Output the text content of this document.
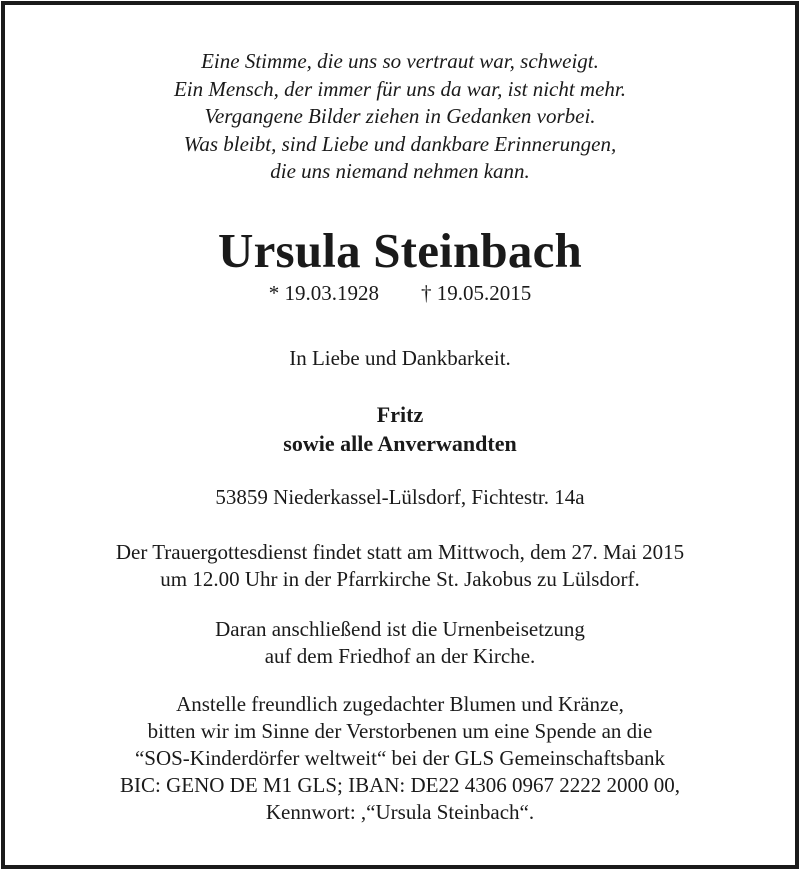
Eine Stimme, die uns so vertraut war, schweigt.
Ein Mensch, der immer für uns da war, ist nicht mehr.
Vergangene Bilder ziehen in Gedanken vorbei.
Was bleibt, sind Liebe und dankbare Erinnerungen,
die uns niemand nehmen kann.
Ursula Steinbach
* 19.03.1928 † 19.05.2015
In Liebe und Dankbarkeit.
Fritz
sowie alle Anverwandten
53859 Niederkassel-Lülsdorf, Fichtestr. 14a
Der Trauergottesdienst findet statt am Mittwoch, dem 27. Mai 2015
um 12.00 Uhr in der Pfarrkirche St. Jakobus zu Lülsdorf.
Daran anschließend ist die Urnenbeisetzung
auf dem Friedhof an der Kirche.
Anstelle freundlich zugedachter Blumen und Kränze,
bitten wir im Sinne der Verstorbenen um eine Spende an die
“SOS-Kinderdörfer weltweit“ bei der GLS Gemeinschaftsbank
BIC: GENO DE M1 GLS; IBAN: DE22 4306 0967 2222 2000 00,
Kennwort: ,“Ursula Steinbach“.
